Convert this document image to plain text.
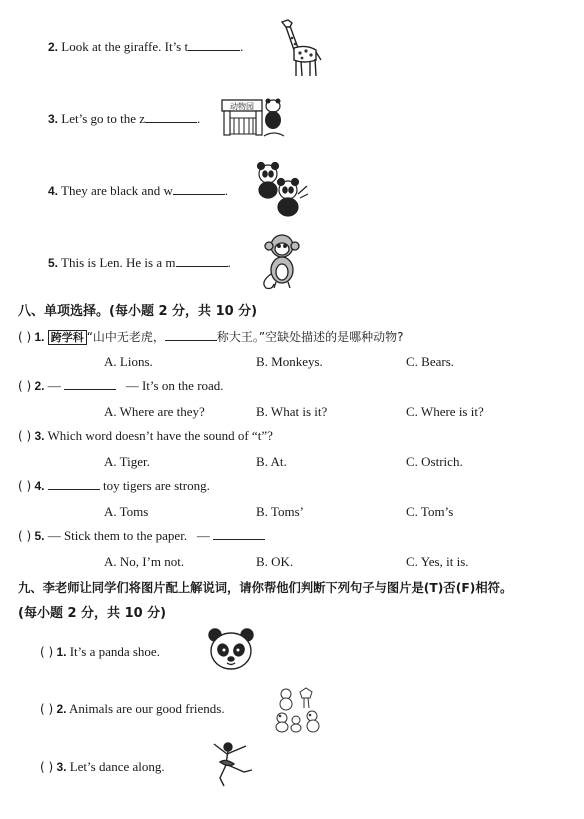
2. Look at the giraffe. It’s t	.
3. Let’s go to the z	.
动物园
4. They are black and w	.
5. This is Len. He is a m	.
八、单项选择。(每小题 2 分，共 10 分)
( ) 1. 跨学科 “山中无老虎，	称大王。”空缺处描述的是哪种动物?
A. Lions.	B. Monkeys.	C. Bears.
( ) 2. —	— It’s on the road.
A. Where are they?	B. What is it?	C. Where is it?
( ) 3. Which word doesn’t have the sound of “t”?
A. Tiger.	B. At.	C. Ostrich.
( ) 4.	toy tigers are strong.
A. Toms	B. Toms’	C. Tom’s
( ) 5. — Stick them to the paper. —
A. No, I’m not.	B. OK.	C. Yes, it is.
九、李老师让同学们将图片配上解说词，请你帮他们判断下列句子与图片是(T)否(F)相符。
(每小题 2 分，共 10 分)
( ) 1. It’s a panda shoe.
( ) 2. Animals are our good friends.
( ) 3. Let’s dance along.
